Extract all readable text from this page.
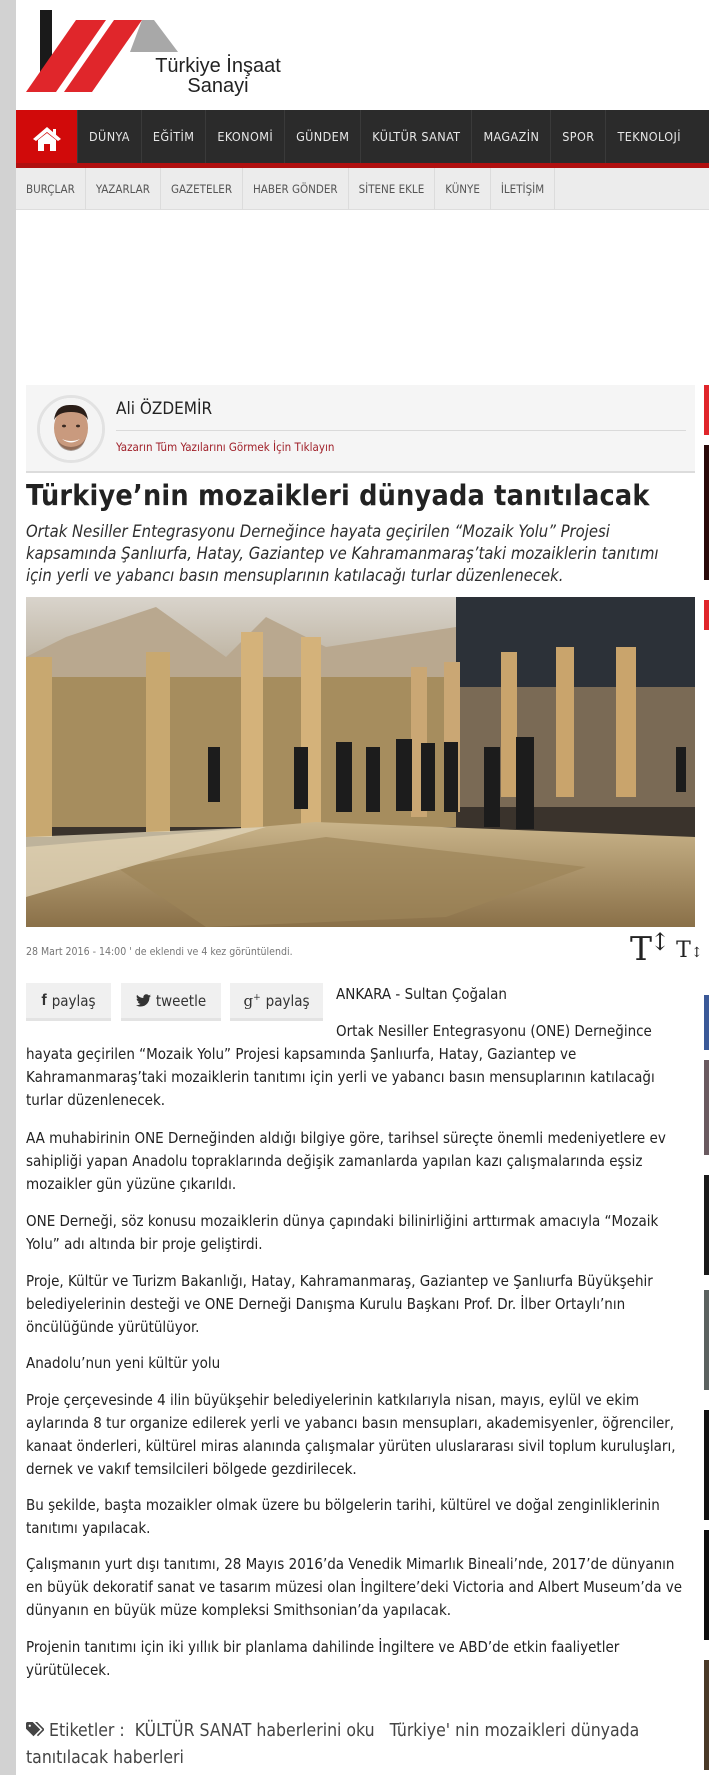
Türkiye İnşaat
Sanayi
DÜNYA	EĞİTİM	EKONOMİ	GÜNDEM	KÜLTÜR SANAT	MAGAZİN	SPOR	TEKNOLOJİ
BURÇLAR	YAZARLAR	GAZETELER	HABER GÖNDER	SİTENE EKLE	KÜNYE	İLETİŞİM
Ali ÖZDEMİR
Yazarın Tüm Yazılarını Görmek İçin Tıklayın
Türkiye’nin mozaikleri dünyada tanıtılacak

Ortak Nesiller Entegrasyonu Derneğince hayata geçirilen “Mozaik Yolu” Projesi kapsamında Şanlıurfa, Hatay, Gaziantep ve Kahramanmaraş’taki mozaiklerin tanıtımı için yerli ve yabancı basın mensuplarının katılacağı turlar düzenlenecek.

28 Mart 2016 - 14:00 ' de eklendi ve 4 kez görüntülendi.	T↕ T↕
f paylaş	tweetle g+ paylaş ANKARA - Sultan Çoğalan

Ortak Nesiller Entegrasyonu (ONE) Derneğince
hayata geçirilen “Mozaik Yolu” Projesi kapsamında Şanlıurfa, Hatay, Gaziantep ve Kahramanmaraş’taki mozaiklerin tanıtımı için yerli ve yabancı basın mensuplarının katılacağı turlar düzenlenecek.

AA muhabirinin ONE Derneğinden aldığı bilgiye göre, tarihsel süreçte önemli medeniyetlere ev sahipliği yapan Anadolu topraklarında değişik zamanlarda yapılan kazı çalışmalarında eşsiz mozaikler gün yüzüne çıkarıldı.

ONE Derneği, söz konusu mozaiklerin dünya çapındaki bilinirliğini arttırmak amacıyla “Mozaik Yolu” adı altında bir proje geliştirdi.

Proje, Kültür ve Turizm Bakanlığı, Hatay, Kahramanmaraş, Gaziantep ve Şanlıurfa Büyükşehir belediyelerinin desteği ve ONE Derneği Danışma Kurulu Başkanı Prof. Dr. İlber Ortaylı’nın öncülüğünde yürütülüyor.

Anadolu’nun yeni kültür yolu

Proje çerçevesinde 4 ilin büyükşehir belediyelerinin katkılarıyla nisan, mayıs, eylül ve ekim aylarında 8 tur organize edilerek yerli ve yabancı basın mensupları, akademisyenler, öğrenciler, kanaat önderleri, kültürel miras alanında çalışmalar yürüten uluslararası sivil toplum kuruluşları, dernek ve vakıf temsilcileri bölgede gezdirilecek.

Bu şekilde, başta mozaikler olmak üzere bu bölgelerin tarihi, kültürel ve doğal zenginliklerinin tanıtımı yapılacak.

Çalışmanın yurt dışı tanıtımı, 28 Mayıs 2016’da Venedik Mimarlık Bineali’nde, 2017’de dünyanın en büyük dekoratif sanat ve tasarım müzesi olan İngiltere’deki Victoria and Albert Museum’da ve dünyanın en büyük müze kompleksi Smithsonian’da yapılacak.

Projenin tanıtımı için iki yıllık bir planlama dahilinde İngiltere ve ABD’de etkin faaliyetler yürütülecek.

Etiketler : KÜLTÜR SANAT haberlerini oku Türkiye' nin mozaikleri dünyada tanıtılacak haberleri
